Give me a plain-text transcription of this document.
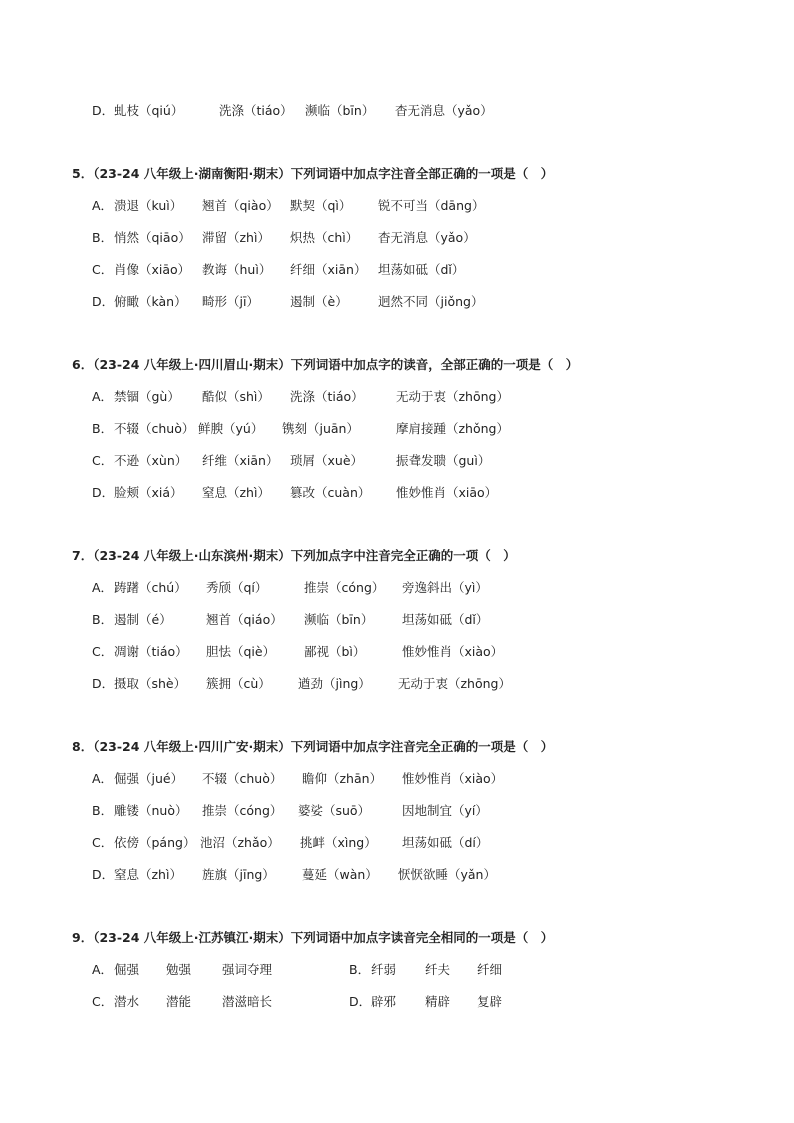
D．虬枝（qiú）	洗涤（tiáo） 濒临（bīn） 杳无消息（yǎo）
5．（23-24 八年级上·湖南衡阳·期末）下列词语中加点字注音全部正确的一项是（　）
A．溃退（kuì） 翘首（qiào） 默契（qì） 锐不可当（dāng）
B．悄然（qiāo） 滞留（zhì） 炽热（chì） 杳无消息（yǎo）
C．肖像（xiāo） 教诲（huì） 纤细（xiān） 坦荡如砥（dǐ）
D．俯瞰（kàn） 畸形（jī） 遏制（è） 迥然不同（jiǒng）
6．（23-24 八年级上·四川眉山·期末）下列词语中加点字的读音，全部正确的一项是（　）
A．禁锢（gù） 酷似（shì） 洗涤（tiáo）	无动于衷（zhōng）
B．不辍（chuò） 鲜腴（yú） 镌刻（juān）	摩肩接踵（zhǒng）
C．不逊（xùn） 纤维（xiān） 琐屑（xuè）	振聋发聩（guì）
D．脸颊（xiá） 窒息（zhì） 篡改（cuàn） 惟妙惟肖（xiāo）
7．（23-24 八年级上·山东滨州·期末）下列加点字中注音完全正确的一项（　）
A．踌躇（chú） 秀颀（qí）	推崇（cóng） 旁逸斜出（yì）
B．遏制（é）	翘首（qiáo） 濒临（bīn） 坦荡如砥（dǐ）
C．凋谢（tiáo） 胆怯（qiè） 鄙视（bì）	惟妙惟肖（xiào）
D．摄取（shè） 簇拥（cù） 遒劲（jìng） 无动于衷（zhōng）
8．（23-24 八年级上·四川广安·期末）下列词语中加点字注音完全正确的一项是（　）
A．倔强（jué） 不辍（chuò） 瞻仰（zhān） 惟妙惟肖（xiào）
B．雕镂（nuò） 推崇（cóng） 婆娑（suō）	因地制宜（yí）
C．依傍（páng） 池沼（zhǎo） 挑衅（xìng） 坦荡如砥（dí）
D．窒息（zhì） 旌旗（jīng） 蔓延（wàn） 恹恹欲睡（yǎn）
9．（23-24 八年级上·江苏镇江·期末）下列词语中加点字读音完全相同的一项是（　）
A．倔强 勉强 强词夺理	B．纤弱 纤夫 纤细
C．潜水 潜能 潜滋暗长	D．辟邪 精辟 复辟
